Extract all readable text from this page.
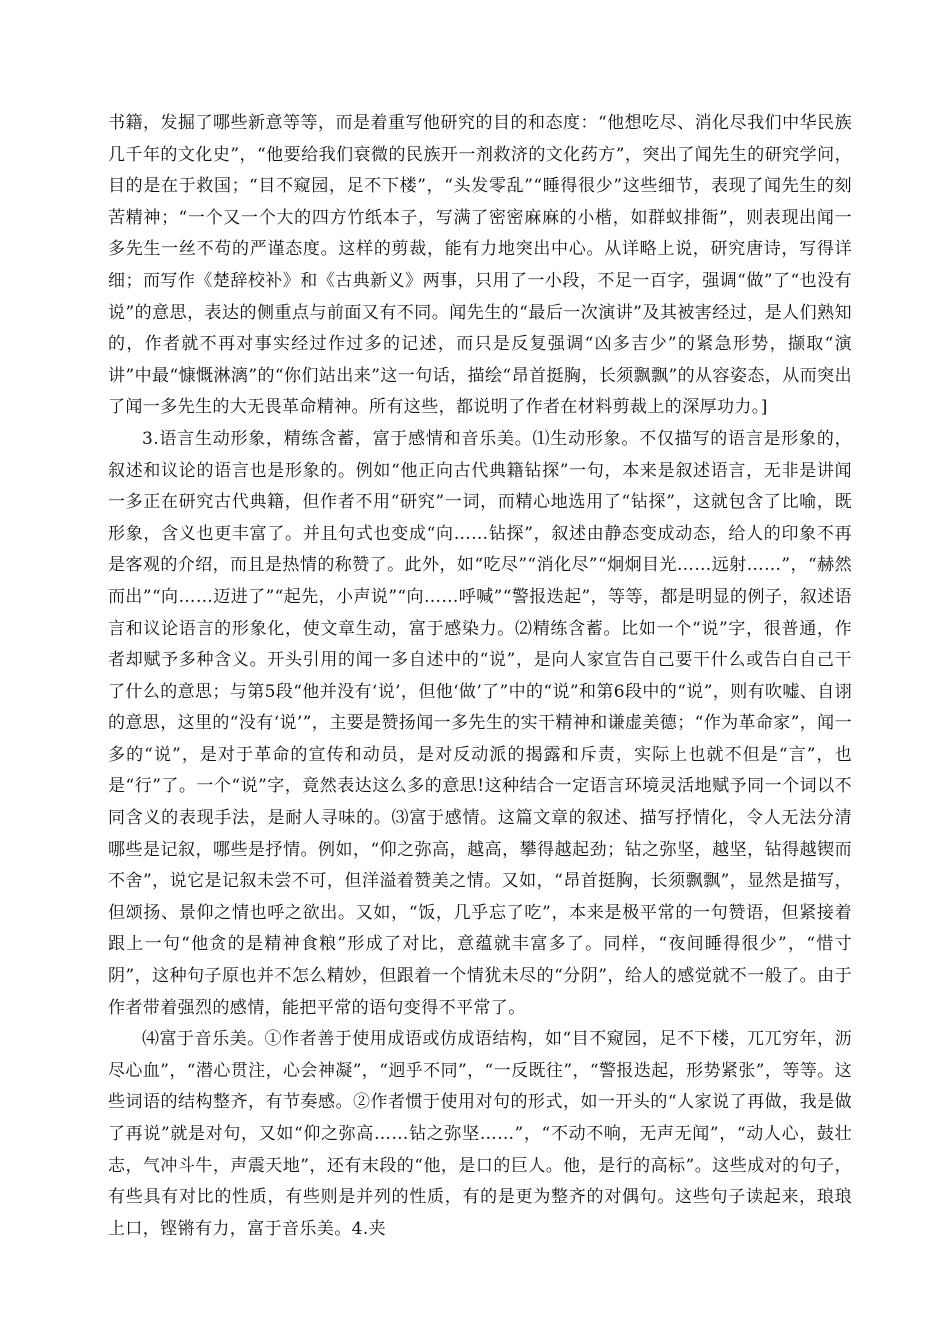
书籍，发掘了哪些新意等等，而是着重写他研究的目的和态度：“他想吃尽、消化尽我们中华民族几千年的文化史”，“他要给我们衰微的民族开一剂救济的文化药方”，突出了闻先生的研究学问，目的是在于救国；“目不窥园，足不下楼”，“头发零乱”“睡得很少”这些细节，表现了闻先生的刻苦精神；“一个又一个大的四方竹纸本子，写满了密密麻麻的小楷，如群蚁排衙”，则表现出闻一多先生一丝不苟的严谨态度。这样的剪裁，能有力地突出中心。从详略上说，研究唐诗，写得详细；而写作《楚辞校补》和《古典新义》两事，只用了一小段，不足一百字，强调“做”了“也没有说”的意思，表达的侧重点与前面又有不同。闻先生的“最后一次演讲”及其被害经过，是人们熟知的，作者就不再对事实经过作过多的记述，而只是反复强调“凶多吉少”的紧急形势，撷取“演讲”中最“慷慨淋漓”的“你们站出来”这一句话，描绘“昂首挺胸，长须飘飘”的从容姿态，从而突出了闻一多先生的大无畏革命精神。所有这些，都说明了作者在材料剪裁上的深厚功力。]

3.语言生动形象，精练含蓄，富于感情和音乐美。⑴生动形象。不仅描写的语言是形象的，叙述和议论的语言也是形象的。例如“他正向古代典籍钻探”一句，本来是叙述语言，无非是讲闻一多正在研究古代典籍，但作者不用“研究”一词，而精心地选用了“钻探”，这就包含了比喻，既形象，含义也更丰富了。并且句式也变成“向……钻探”，叙述由静态变成动态，给人的印象不再是客观的介绍，而且是热情的称赞了。此外，如“吃尽”“消化尽”“炯炯目光……远射……”，“赫然而出”“向……迈进了”“起先，小声说”“向……呼喊”“警报迭起”，等等，都是明显的例子，叙述语言和议论语言的形象化，使文章生动，富于感染力。⑵精练含蓄。比如一个“说”字，很普通，作者却赋予多种含义。开头引用的闻一多自述中的“说”，是向人家宣告自己要干什么或告白自己干了什么的意思；与第5段“他并没有‘说’，但他‘做’了”中的“说”和第6段中的“说”，则有吹嘘、自诩的意思，这里的“没有‘说’”，主要是赞扬闻一多先生的实干精神和谦虚美德；“作为革命家”，闻一多的“说”，是对于革命的宣传和动员，是对反动派的揭露和斥责，实际上也就不但是“言”，也是“行”了。一个“说”字，竟然表达这么多的意思!这种结合一定语言环境灵活地赋予同一个词以不同含义的表现手法，是耐人寻味的。⑶富于感情。这篇文章的叙述、描写抒情化，令人无法分清哪些是记叙，哪些是抒情。例如，“仰之弥高，越高，攀得越起劲；钻之弥坚，越坚，钻得越锲而不舍”，说它是记叙未尝不可，但洋溢着赞美之情。又如，“昂首挺胸，长须飘飘”，显然是描写，但颂扬、景仰之情也呼之欲出。又如，“饭，几乎忘了吃”，本来是极平常的一句赞语，但紧接着跟上一句“他贪的是精神食粮”形成了对比，意蕴就丰富多了。同样，“夜间睡得很少”，“惜寸阴”，这种句子原也并不怎么精妙，但跟着一个情犹未尽的“分阴”，给人的感觉就不一般了。由于作者带着强烈的感情，能把平常的语句变得不平常了。

⑷富于音乐美。①作者善于使用成语或仿成语结构，如“目不窥园，足不下楼，兀兀穷年，沥尽心血”，“潜心贯注，心会神凝”，“迥乎不同”，“一反既往”，“警报迭起，形势紧张”，等等。这些词语的结构整齐，有节奏感。②作者惯于使用对句的形式，如一开头的“人家说了再做，我是做了再说”就是对句，又如“仰之弥高……钻之弥坚……”，“不动不响，无声无闻”，“动人心，鼓壮志，气冲斗牛，声震天地”，还有末段的“他，是口的巨人。他，是行的高标”。这些成对的句子，有些具有对比的性质，有些则是并列的性质，有的是更为整齐的对偶句。这些句子读起来，琅琅上口，铿锵有力，富于音乐美。4.夹
